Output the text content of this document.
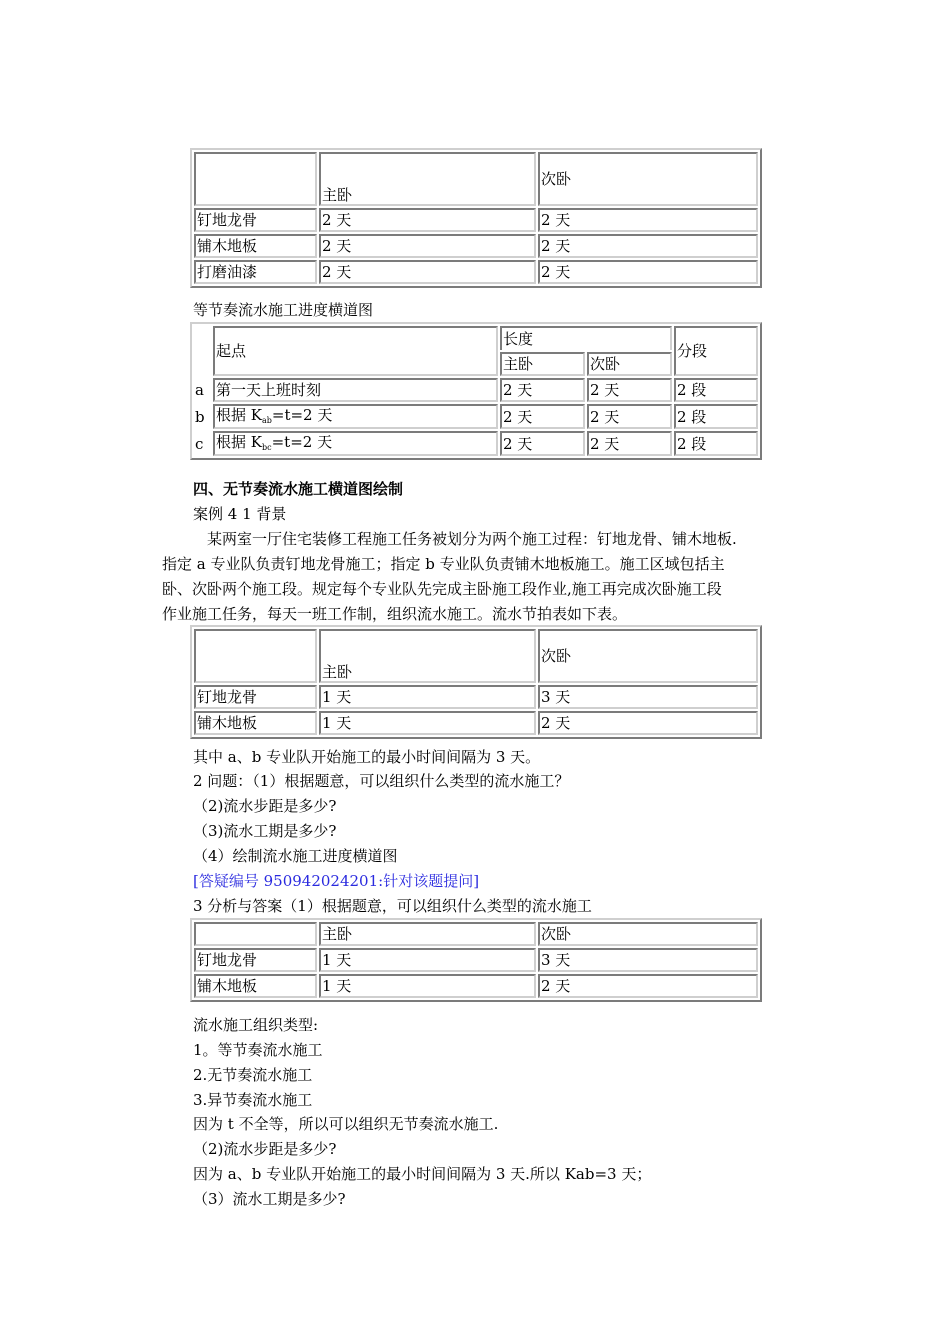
	主卧	次卧
钉地龙骨	2 天	2 天
铺木地板	2 天	2 天
打磨油漆	2 天	2 天
等节奏流水施工进度横道图
	起点	长度		分段
		主卧	次卧	
a	第一天上班时刻	2 天	2 天	2 段
b	根据 $K_{ab}=t=2$ 天	2 天	2 天	2 段
c	根据 $K_{bc}=t=2$ 天	2 天	2 天	2 段
四、无节奏流水施工横道图绘制
案例 4 1 背景
某两室一厅住宅装修工程施工任务被划分为两个施工过程：钉地龙骨、铺木地板.
指定 a 专业队负责钉地龙骨施工；指定 b 专业队负责铺木地板施工。施工区域包括主
卧、次卧两个施工段。规定每个专业队先完成主卧施工段作业,施工再完成次卧施工段
作业施工任务，每天一班工作制，组织流水施工。流水节拍表如下表。
	主卧	次卧
钉地龙骨	1 天	3 天
铺木地板	1 天	2 天
其中 a、b 专业队开始施工的最小时间间隔为 3 天。
2 问题：（1）根据题意，可以组织什么类型的流水施工？
（2)流水步距是多少?
（3)流水工期是多少?
（4）绘制流水施工进度横道图
[答疑编号 950942024201:针对该题提问]
3 分析与答案（1）根据题意，可以组织什么类型的流水施工
	主卧	次卧
钉地龙骨	1 天	3 天
铺木地板	1 天	2 天
流水施工组织类型:
1。等节奏流水施工
2.无节奏流水施工
3.异节奏流水施工
因为 t 不全等，所以可以组织无节奏流水施工.
（2)流水步距是多少?
因为 a、b 专业队开始施工的最小时间间隔为 3 天.所以 Kab=3 天；
（3）流水工期是多少?
